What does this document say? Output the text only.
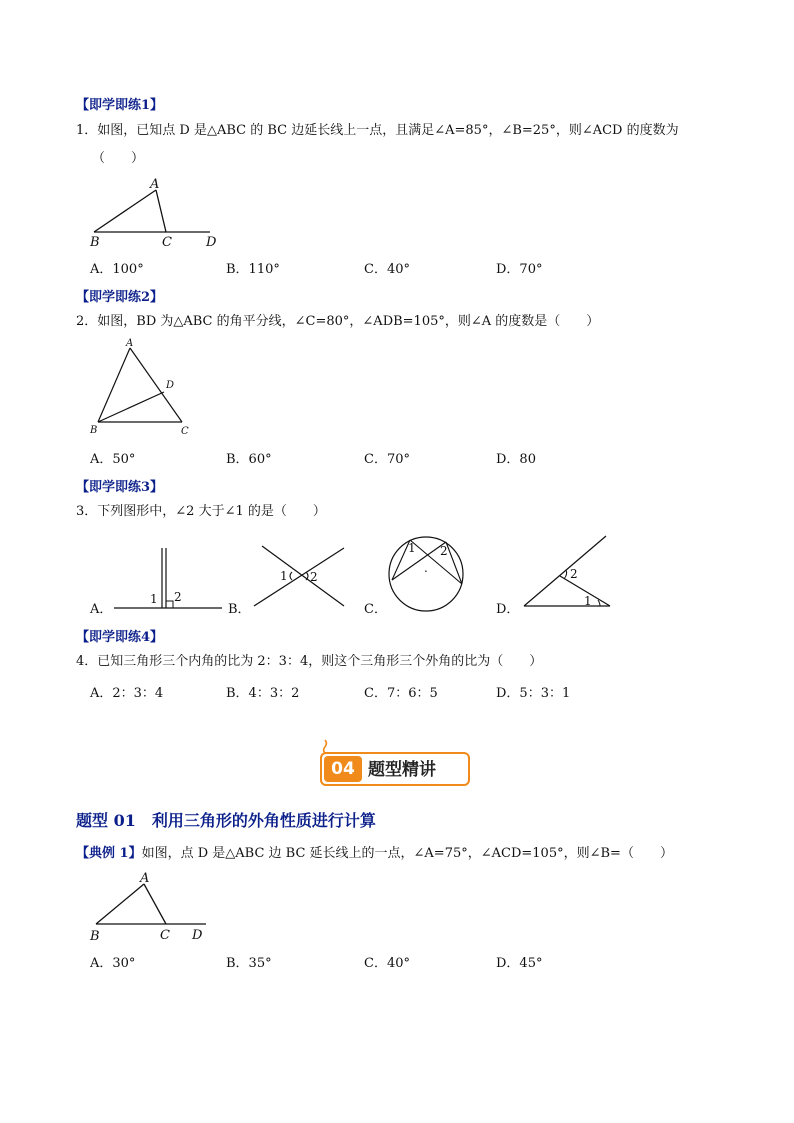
【即学即练1】
1．如图，已知点 D 是△ABC 的 BC 边延长线上一点，且满足∠A=85°，∠B=25°，则∠ACD 的度数为
（　　）
A
B	C	D
A．100°	B．110°	C．40°	D．70°
【即学即练2】
2．如图，BD 为△ABC 的角平分线，∠C=80°，∠ADB=105°，则∠A 的度数是（　　）
A
D
B	C
A．50°	B．60°	C．70°	D．80
【即学即练3】
3．下列图形中，∠2 大于∠1 的是（　　）
A．
1 2
B．
1 2
C．
1 2
.
D．
2
1
【即学即练4】
4．已知三角形三个内角的比为 2：3：4，则这个三角形三个外角的比为（　　）
A．2：3：4	B．4：3：2	C．7：6：5	D．5：3：1
04 题型精讲
题型 01　利用三角形的外角性质进行计算
【典例 1】如图，点 D 是△ABC 边 BC 延长线上的一点，∠A=75°，∠ACD=105°，则∠B=（　　）
A
B	C D
A．30°	B．35°	C．40°	D．45°
